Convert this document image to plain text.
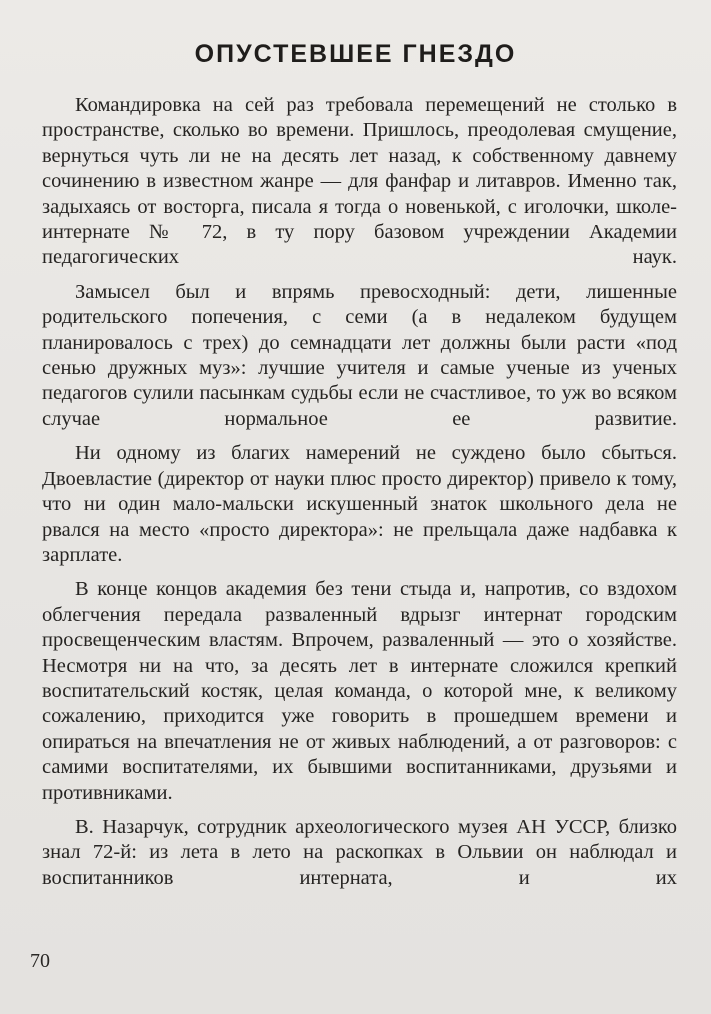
ОПУСТЕВШЕЕ ГНЕЗДО

Командировка на сей раз требовала перемещений не столько в пространстве, сколько во времени. Пришлось, преодолевая смущение, вернуться чуть ли не на десять лет назад, к собственному давнему сочинению в известном жанре — для фанфар и литавров. Именно так, задыхаясь от восторга, писала я тогда о новенькой, с иголочки, школе-интернате № 72, в ту пору базовом учреждении Академии педагогических наук.

Замысел был и впрямь превосходный: дети, лишенные родительского попечения, с семи (а в недалеком будущем планировалось с трех) до семнадцати лет должны были расти «под сенью дружных муз»: лучшие учителя и самые ученые из ученых педагогов сулили пасынкам судьбы если не счастливое, то уж во всяком случае нормальное ее развитие.

Ни одному из благих намерений не суждено было сбыться. Двоевластие (директор от науки плюс просто директор) привело к тому, что ни один мало-мальски искушенный знаток школьного дела не рвался на место «просто директора»: не прельщала даже надбавка к зарплате.

В конце концов академия без тени стыда и, напротив, со вздохом облегчения передала развалeнный вдрызг интернат городским просвещенческим властям. Впрочем, развалeнный — это о хозяйстве. Несмотря ни на что, за десять лет в интернате сложился крепкий воспитательский костяк, целая команда, о которой мне, к великому сожалению, приходится уже говорить в прошедшем времени и опираться на впечатления не от живых наблюдений, а от разговоров: с самими воспитателями, их бывшими воспитанниками, друзьями и противниками.

В. Назарчук, сотрудник археологического музея АН УССР, близко знал 72-й: из лета в лето на раскопках в Ольвии он наблюдал и воспитанников интерната, и их

70
